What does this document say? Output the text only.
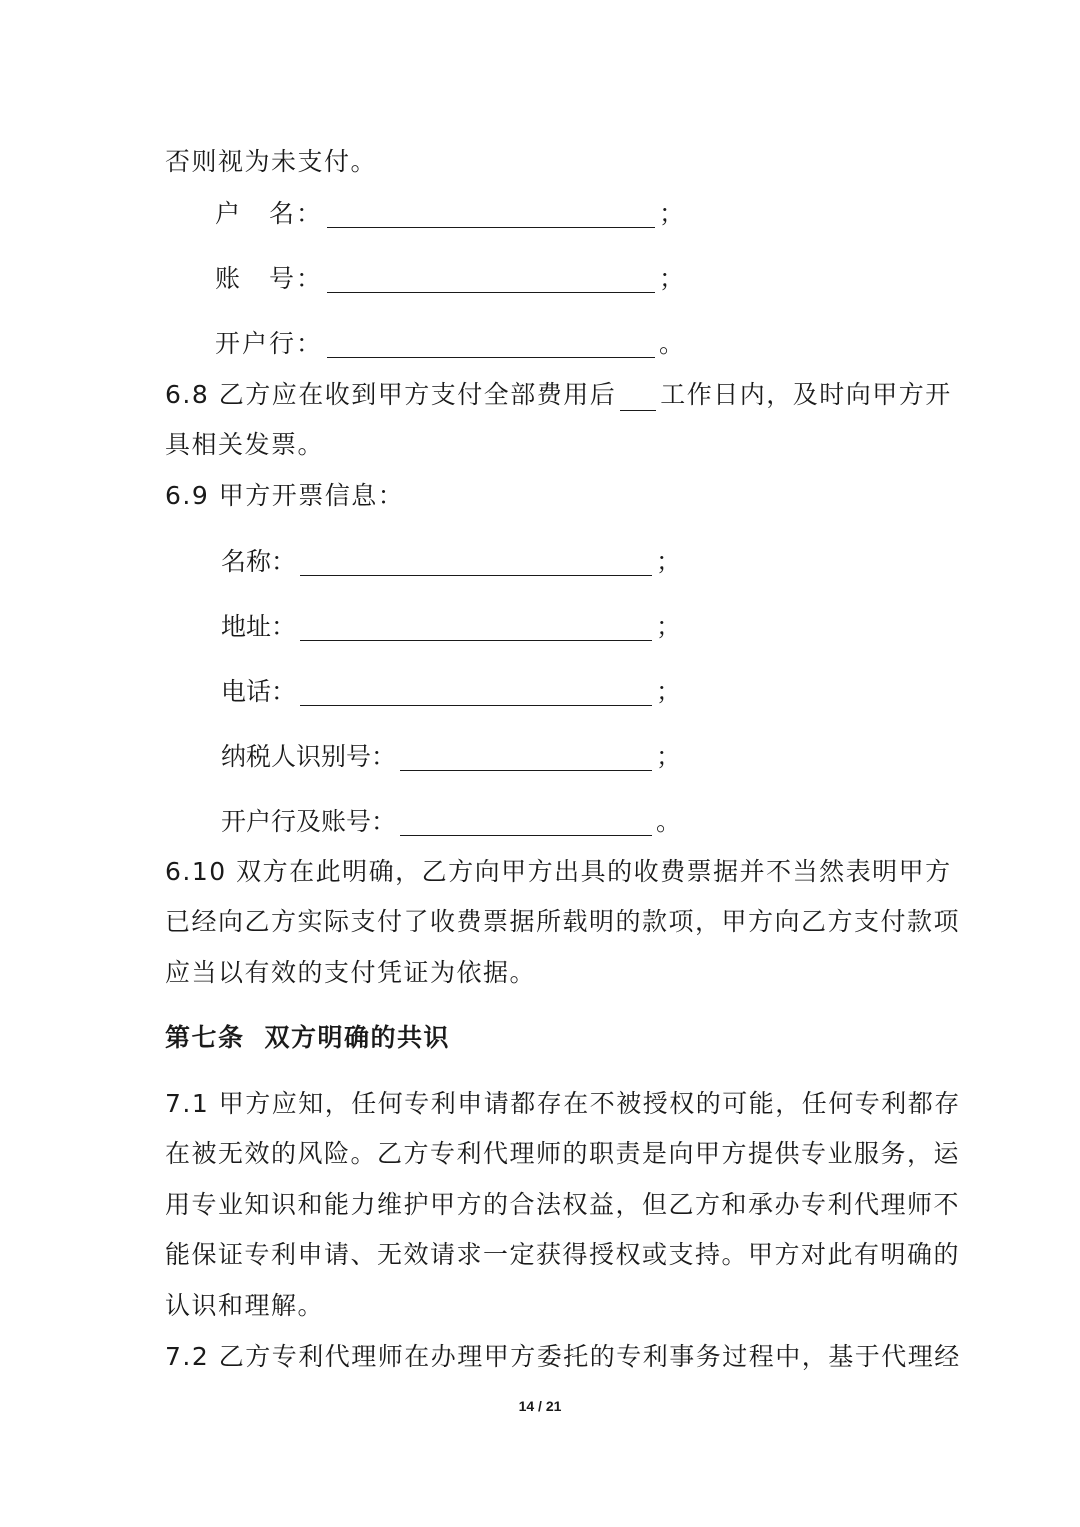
否则视为未支付。
户　名：	；
账　号：	；
开户行：	。
6.8 乙方应在收到甲方支付全部费用后 工作日内，及时向甲方开
具相关发票。
6.9 甲方开票信息：
名称：	；
地址：	；
电话：	；
纳税人识别号：	；
开户行及账号：	。
6.10 双方在此明确，乙方向甲方出具的收费票据并不当然表明甲方
已经向乙方实际支付了收费票据所载明的款项，甲方向乙方支付款项
应当以有效的支付凭证为依据。
第七条 双方明确的共识
7.1 甲方应知，任何专利申请都存在不被授权的可能，任何专利都存
在被无效的风险。乙方专利代理师的职责是向甲方提供专业服务，运
用专业知识和能力维护甲方的合法权益，但乙方和承办专利代理师不
能保证专利申请、无效请求一定获得授权或支持。甲方对此有明确的
认识和理解。
7.2 乙方专利代理师在办理甲方委托的专利事务过程中，基于代理经
14 / 21
